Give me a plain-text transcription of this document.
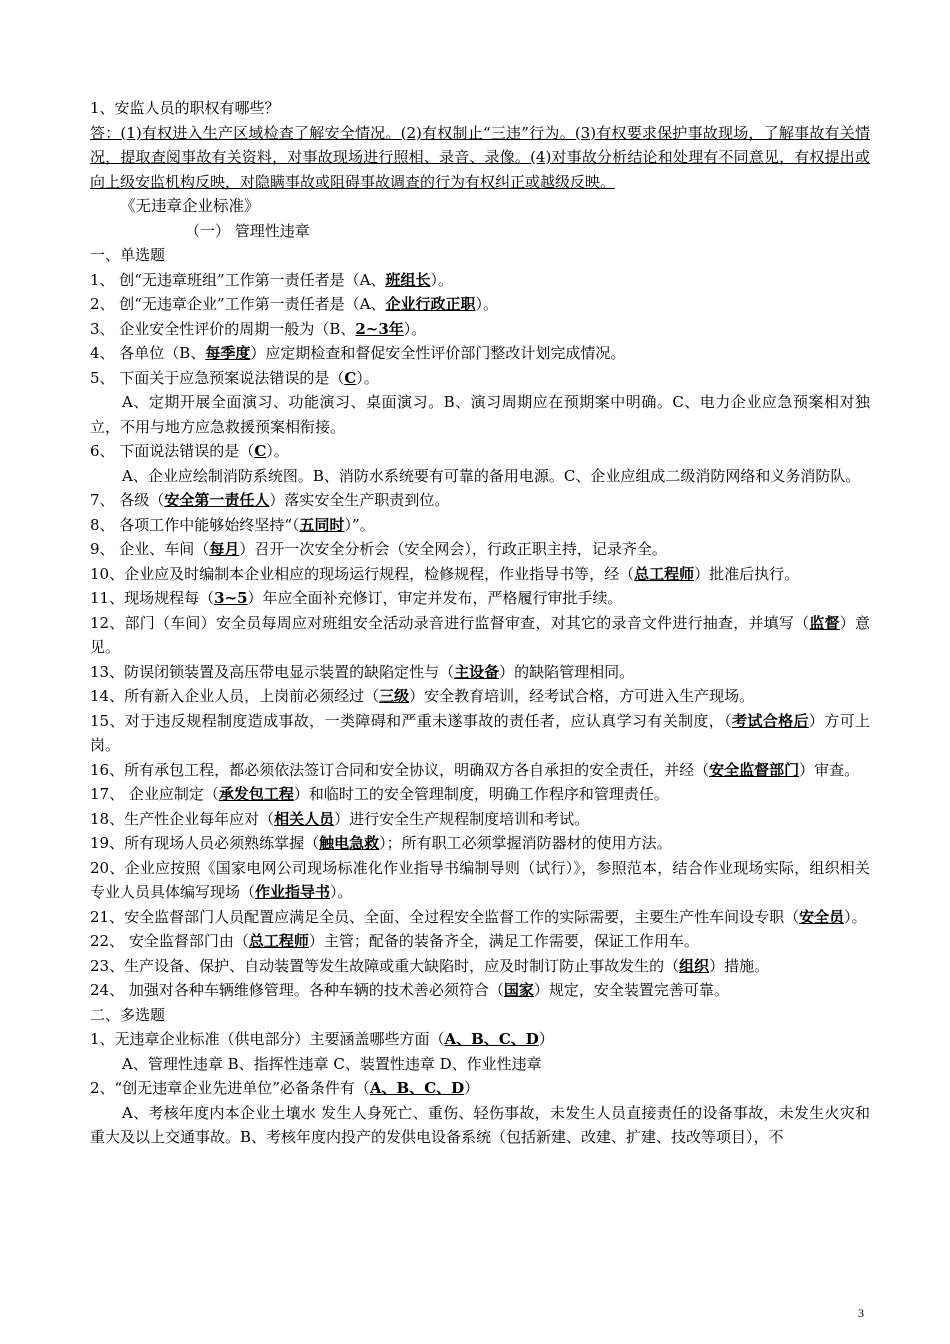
1、安监人员的职权有哪些？

答：(1)有权进入生产区域检查了解安全情况。(2)有权制止“三违”行为。(3)有权要求保护事故现场，了解事故有关情况，提取查阅事故有关资料，对事故现场进行照相、录音、录像。(4)对事故分析结论和处理有不同意见，有权提出或向上级安监机构反映，对隐瞒事故或阻碍事故调查的行为有权纠正或越级反映。

《无违章企业标准》

（一） 管理性违章

一、单选题

1、 创“无违章班组”工作第一责任者是（A、班组长）。

2、 创“无违章企业”工作第一责任者是（A、企业行政正职）。

3、 企业安全性评价的周期一般为（B、2~3年）。

4、 各单位（B、每季度）应定期检查和督促安全性评价部门整改计划完成情况。

5、 下面关于应急预案说法错误的是（C）。

A、定期开展全面演习、功能演习、桌面演习。B、演习周期应在预期案中明确。C、电力企业应急预案相对独立，不用与地方应急救援预案相衔接。

6、 下面说法错误的是（C）。

A、企业应绘制消防系统图。B、消防水系统要有可靠的备用电源。C、企业应组成二级消防网络和义务消防队。

7、 各级（安全第一责任人）落实安全生产职责到位。

8、 各项工作中能够始终坚持“（五同时）”。

9、 企业、车间（每月）召开一次安全分析会（安全网会），行政正职主持，记录齐全。

10、企业应及时编制本企业相应的现场运行规程，检修规程，作业指导书等，经（总工程师）批准后执行。

11、现场规程每（3~5）年应全面补充修订，审定并发布，严格履行审批手续。

12、部门（车间）安全员每周应对班组安全活动录音进行监督审查，对其它的录音文件进行抽查，并填写（监督）意见。

13、防误闭锁装置及高压带电显示装置的缺陷定性与（主设备）的缺陷管理相同。

14、所有新入企业人员，上岗前必须经过（三级）安全教育培训，经考试合格，方可进入生产现场。

15、对于违反规程制度造成事故，一类障碍和严重未遂事故的责任者，应认真学习有关制度，（考试合格后）方可上岗。

16、所有承包工程，都必须依法签订合同和安全协议，明确双方各自承担的安全责任，并经（安全监督部门）审查。

17、 企业应制定（承发包工程）和临时工的安全管理制度，明确工作程序和管理责任。

18、生产性企业每年应对（相关人员）进行安全生产规程制度培训和考试。

19、所有现场人员必须熟练掌握（触电急救）；所有职工必须掌握消防器材的使用方法。

20、企业应按照《国家电网公司现场标准化作业指导书编制导则（试行）》，参照范本，结合作业现场实际，组织相关专业人员具体编写现场（作业指导书）。

21、安全监督部门人员配置应满足全员、全面、全过程安全监督工作的实际需要，主要生产性车间设专职（安全员）。

22、 安全监督部门由（总工程师）主管；配备的装备齐全，满足工作需要，保证工作用车。

23、生产设备、保护、自动装置等发生故障或重大缺陷时，应及时制订防止事故发生的（组织）措施。

24、 加强对各种车辆维修管理。各种车辆的技术善必须符合（国家）规定，安全装置完善可靠。

二、多选题

1、无违章企业标准（供电部分）主要涵盖哪些方面（A、B、C、D）

A、管理性违章 B、指挥性违章 C、装置性违章 D、作业性违章

2、“创无违章企业先进单位”必备条件有（A、B、C、D）

A、考核年度内本企业土壤水 发生人身死亡、重伤、轻伤事故，未发生人员直接责任的设备事故，未发生火灾和重大及以上交通事故。B、考核年度内投产的发供电设备系统（包括新建、改建、扩建、技改等项目），不

3
